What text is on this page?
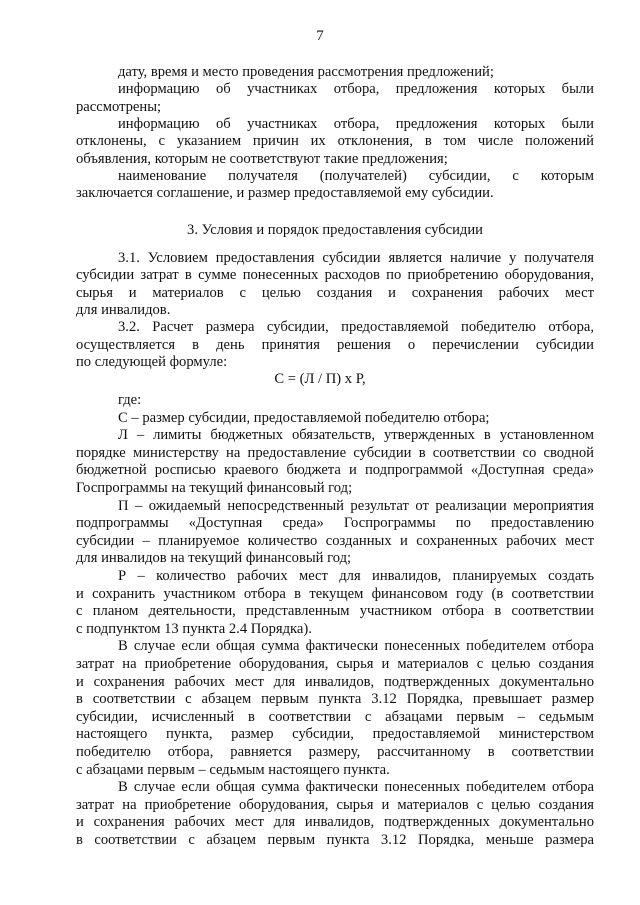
7
дату, время и место проведения рассмотрения предложений;
информацию об участниках отбора, предложения которых были
рассмотрены;
информацию об участниках отбора, предложения которых были
отклонены, с указанием причин их отклонения, в том числе положений
объявления, которым не соответствуют такие предложения;
наименование получателя (получателей) субсидии, с которым
заключается соглашение, и размер предоставляемой ему субсидии.
3.1. Условием предоставления субсидии является наличие у получателя
субсидии затрат в сумме понесенных расходов по приобретению оборудования,
сырья и материалов с целью создания и сохранения рабочих мест
для инвалидов.
3.2. Расчет размера субсидии, предоставляемой победителю отбора,
осуществляется в день принятия решения о перечислении субсидии
по следующей формуле:
где:
С – размер субсидии, предоставляемой победителю отбора;
Л – лимиты бюджетных обязательств, утвержденных в установленном
порядке министерству на предоставление субсидии в соответствии со сводной
бюджетной росписью краевого бюджета и подпрограммой «Доступная среда»
Госпрограммы на текущий финансовый год;
П – ожидаемый непосредственный результат от реализации мероприятия
подпрограммы «Доступная среда» Госпрограммы по предоставлению
субсидии – планируемое количество созданных и сохраненных рабочих мест
для инвалидов на текущий финансовый год;
Р – количество рабочих мест для инвалидов, планируемых создать
и сохранить участником отбора в текущем финансовом году (в соответствии
с планом деятельности, представленным участником отбора в соответствии
с подпунктом 13 пункта 2.4 Порядка).
В случае если общая сумма фактически понесенных победителем отбора
затрат на приобретение оборудования, сырья и материалов с целью создания
и сохранения рабочих мест для инвалидов, подтвержденных документально
в соответствии с абзацем первым пункта 3.12 Порядка, превышает размер
субсидии, исчисленный в соответствии с абзацами первым – седьмым
настоящего пункта, размер субсидии, предоставляемой министерством
победителю отбора, равняется размеру, рассчитанному в соответствии
с абзацами первым – седьмым настоящего пункта.
В случае если общая сумма фактически понесенных победителем отбора
затрат на приобретение оборудования, сырья и материалов с целью создания
и сохранения рабочих мест для инвалидов, подтвержденных документально
в соответствии с абзацем первым пункта 3.12 Порядка, меньше размера
3. Условия и порядок предоставления субсидии
С = (Л / П) х Р,
